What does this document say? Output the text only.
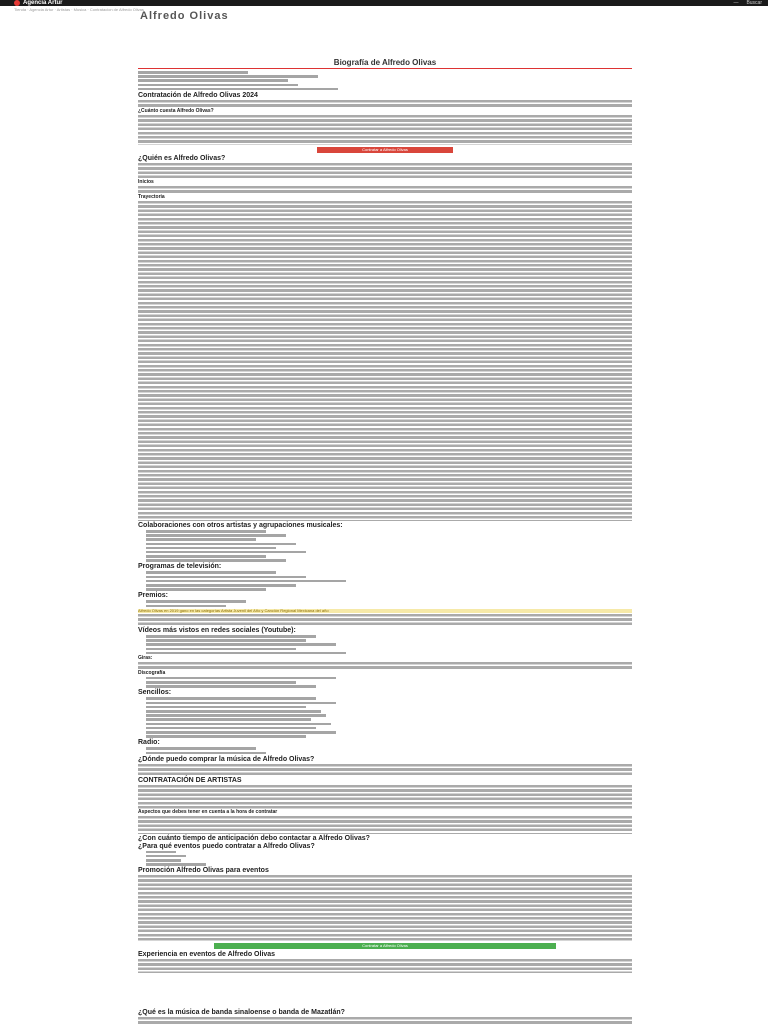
Agencia Artur	— Buscar
Tienda · Agencia Artur · Artistas · Musica · Contratacion de Alfredo Olivas
Alfredo Olivas
Biografía de Alfredo Olivas
Contratación de Alfredo Olivas 2024
¿Cuánto cuesta Alfredo Olivas?
Contratar a Alfredo Olivas
¿Quién es Alfredo Olivas?
Inicios
Trayectoria
Colaboraciones con otros artistas y agrupaciones musicales:
Programas de televisión:
Premios:
Alfredo Olivas en 2019 gano en las categorías Artista Juvenil del Año y Canción Regional Mexicana del año
Vídeos más vistos en redes sociales (Youtube):
Giras:
Discografía
Sencillos:
Radio:
¿Dónde puedo comprar la música de Alfredo Olivas?
CONTRATACIÓN DE ARTISTAS
Aspectos que debes tener en cuenta a la hora de contratar
¿Con cuánto tiempo de anticipación debo contactar a Alfredo Olivas?
¿Para qué eventos puedo contratar a Alfredo Olivas?
Promoción Alfredo Olivas para eventos
Contratar a Alfredo Olivas
Experiencia en eventos de Alfredo Olivas
¿Qué es la música de banda sinaloense o banda de Mazatlán?
